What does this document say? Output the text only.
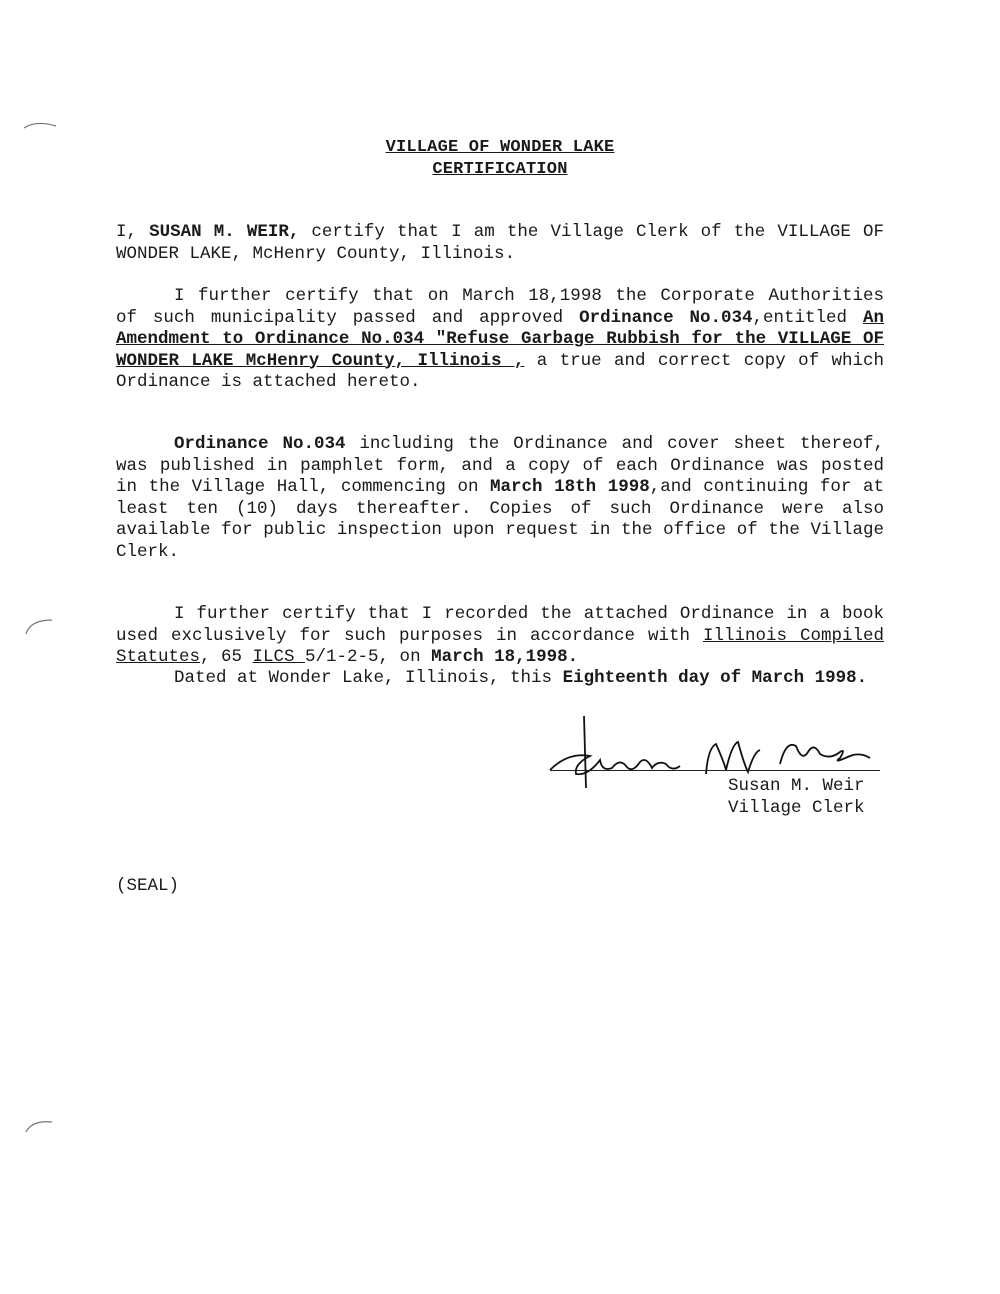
VILLAGE OF WONDER LAKE
CERTIFICATION
I, SUSAN M. WEIR, certify that I am the Village Clerk of the VILLAGE OF WONDER LAKE, McHenry County, Illinois.
I further certify that on March 18,1998 the Corporate Authorities of such municipality passed and approved Ordinance No.034,entitled An Amendment to Ordinance No.034 "Refuse Garbage Rubbish for the VILLAGE OF WONDER LAKE McHenry County, Illinois , a true and correct copy of which Ordinance is attached hereto.
Ordinance No.034 including the Ordinance and cover sheet thereof, was published in pamphlet form, and a copy of each Ordinance was posted in the Village Hall, commencing on March 18th 1998,and continuing for at least ten (10) days thereafter. Copies of such Ordinance were also available for public inspection upon request in the office of the Village Clerk.
I further certify that I recorded the attached Ordinance in a book used exclusively for such purposes in accordance with Illinois Compiled Statutes, 65 ILCS 5/1-2-5, on March 18,1998.
Dated at Wonder Lake, Illinois, this Eighteenth day of March 1998.
Susan M. Weir
Village Clerk
(SEAL)
